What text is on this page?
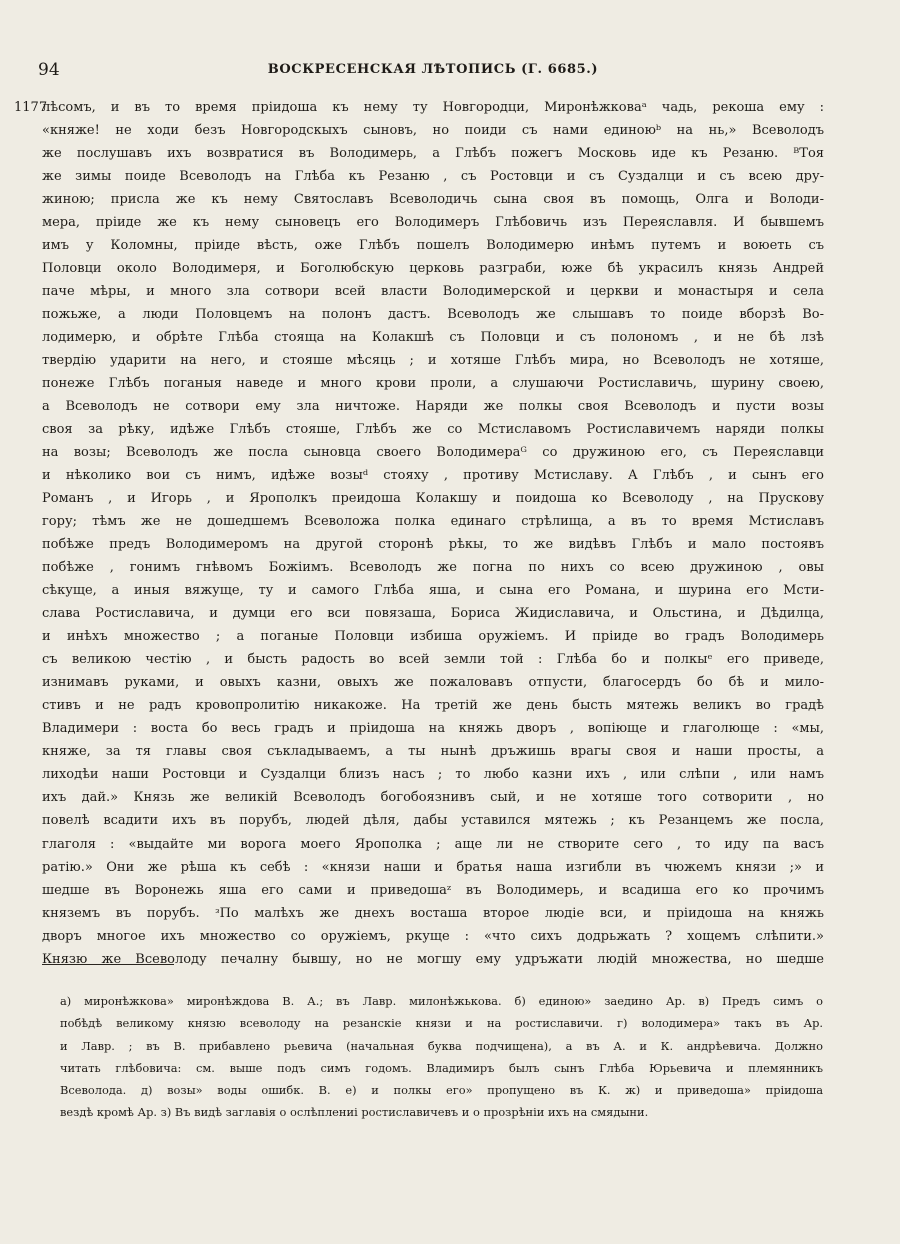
94	ВОСКРЕСЕНСКАЯ ЛѢТОПИСЬ (Г. 6685.)
1177
лѣсомъ, и въ то время пріидоша къ нему ту Новгородци, Миронѣжковаᵃ чадь, рекоша ему :
«княже! не ходи безъ Новгородскыхъ сыновъ, но поиди съ нами единоюᵇ на нь,» Всеволодъ
же послушавъ ихъ возвратися въ Володимерь, а Глѣбъ пожегъ Московь иде къ Резаню. ᴮТоя
же зимы поиде Всеволодъ на Глѣба къ Резаню , съ Ростовци и съ Суздалци и съ всею дру-
жиною; присла же къ нему Святославъ Всеволодичь сына своя въ помощь, Олга и Володи-
мера, пріиде же къ нему сыновецъ его Володимеръ Глѣбовичь изъ Переяславля. И бывшемъ
имъ у Коломны, пріиде вѣсть, оже Глѣбъ пошелъ Володимерю инѣмъ путемъ и воюеть съ
Половци около Володимеря, и Боголюбскую церковь разграби, юже бѣ украсилъ князь Андрей
паче мѣры, и много зла сотвори всей власти Володимерской и церкви и монастыря и села
пожьже, а люди Половцемъ на полонъ дастъ. Всеволодъ же слышавъ то поиде вборзѣ Во-
лодимерю, и обрѣте Глѣба стояща на Колакшѣ съ Половци и съ полономъ , и не бѣ лзѣ
твердію ударити на него, и стояше мѣсяць ; и хотяше Глѣбъ мира, но Всеволодъ не хотяше,
понеже Глѣбъ поганыя наведе и много крови проли, а слушаючи Ростиславичь, шурину своею,
а Всеволодъ не сотвори ему зла ничтоже. Наряди же полкы своя Всеволодъ и пусти возы
своя за рѣку, идѣже Глѣбъ стояше, Глѣбъ же со Мстиславомъ Ростиславичемъ наряди полкы
на возы; Всеволодъ же посла сыновца своего Володимераᴳ со дружиною его, съ Переяславци
и нѣколико вои съ нимъ, идѣже возыᵈ стояху , противу Мстиславу. А Глѣбъ , и сынъ его
Романъ , и Игорь , и Ярополкъ преидоша Колакшу и поидоша ко Всеволоду , на Прускову
гору; тѣмъ же не дошедшемъ Всеволожа полка единаго стрѣлища, а въ то время Мстиславъ
побѣже предъ Володимеромъ на другой сторонѣ рѣкы, то же видѣвъ Глѣбъ и мало постоявъ
побѣже , гонимъ гнѣвомъ Божіимъ. Всеволодъ же погна по нихъ со всею дружиною , овы
сѣкуще, а иныя вяжуще, ту и самого Глѣба яша, и сына его Романа, и шурина его Мсти-
слава Ростиславича, и думци его вси повязаша, Бориса Жидиславича, и Ольстина, и Дѣдилца,
и инѣхъ множество ; а поганые Половци избиша оружіемъ. И пріиде во градъ Володимерь
съ великою честію , и бысть радость во всей земли той : Глѣба бо и полкыᵉ его приведе,
изнимавъ руками, и овыхъ казни, овыхъ же пожаловавъ отпусти, благосердъ бо бѣ и мило-
стивъ и не радъ кровопролитію никакоже. На третій же день бысть мятежь великъ во градѣ
Владимери : воста бо весь градъ и пріидоша на княжь дворъ , вопіюще и глаголюще : «мы,
княже, за тя главы своя съкладываемъ, а ты нынѣ дръжишь врагы своя и наши просты, а
лиходѣи наши Ростовци и Суздалци близъ насъ ; то любо казни ихъ , или слѣпи , или намъ
ихъ дай.» Князь же великій Всеволодъ богобоязнивъ сый, и не хотяше того сотворити , но
повелѣ всадити ихъ въ порубъ, людей дѣля, дабы уставился мятежь ; къ Резанцемъ же посла,
глаголя : «выдайте ми ворога моего Ярополка ; аще ли не створите сего , то иду па васъ
ратію.» Они же рѣша къ себѣ : «князи наши и братья наша изгибли въ чюжемъ князи ;» и
шедше въ Воронежь яша его сами и приведошаᶻ въ Володимерь, и всадиша его ко прочимъ
княземъ въ порубъ. ᶟПо малѣхъ же днехъ восташа второе людіе вси, и пріидоша на княжь
дворъ многое ихъ множество со оружіемъ, ркуще : «что сихъ додрьжать ? хощемъ слѣпити.»
Князю же Всеволоду печалну бывшу, но не могшу ему удръжати людій множества, но шедше
а) миронѣжкова» миронѣждова В. А.; въ Лавр. милонѣжькова. б) единою» заедино Ар. в) Предъ симъ о
побѣдѣ великому князю всеволоду на резанскіе князи и на ростиславичи. г) володимера» такъ въ Ар.
и Лавр. ; въ В. прибавлено рьевича (начальная буква подчищена), а въ А. и К. андрѣевича. Должно
читать глѣбовича: см. выше подъ симъ годомъ. Владимиръ былъ сынъ Глѣба Юрьевича и племянникъ
Всеволода. д) возы» воды ошибк. В. е) и полкы его» пропущено въ К. ж) и приведоша» пріидоша
вездѣ кромѣ Ар. з) Въ видѣ заглавія о ослѣплениі ростиславичевъ и о прозрѣніи ихъ на смядыни.
